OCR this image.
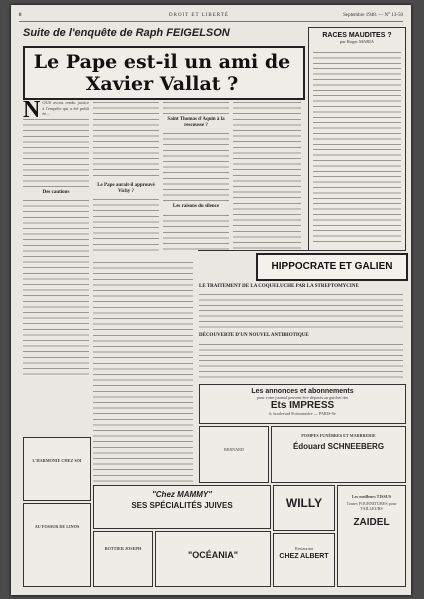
8	DROIT ET LIBERTÉ	Septembre 1948. — N° 13-50
Suite de l'enquête de Raph FEIGELSON
Le Pape est-il un ami de Xavier Vallat ?
N OUS avons rendu justice à l'enquête qui a été publiée...
Des cautions
Le Pape aurait-il approuvé Vichy ?
Saint Thomas d'Aquin à la rescousse ?
Les raisons du silence
RACES MAUDITES ?
par Roger MARIA
HIPPOCRATE ET GALIEN
LE TRAITEMENT DE LA COQUELUCHE PAR LA STREPTOMYCINE
DÉCOUVERTE D'UN NOUVEL ANTIBIOTIQUE
Les annonces et abonnements
pour votre journal peuvent être déposés au guichet des
Ets IMPRESS
6, boulevard Poissonnière — PARIS-9e
BERNARD
POMPES FUNÈBRES ET MARBRERIE
Édouard SCHNEEBERG
L'HARMONIE CHEZ SOI
"Chez MAMMY"
SES SPÉCIALITÉS JUIVES	WILLY	Les meilleurs TISSUS
Toutes FOURNITURES pour TAILLEURS
ZAIDEL
AU FOSSUR DE LINOS
BOTTIER JOSEPH
"OCÉANIA"
Restaurant
CHEZ ALBERT
